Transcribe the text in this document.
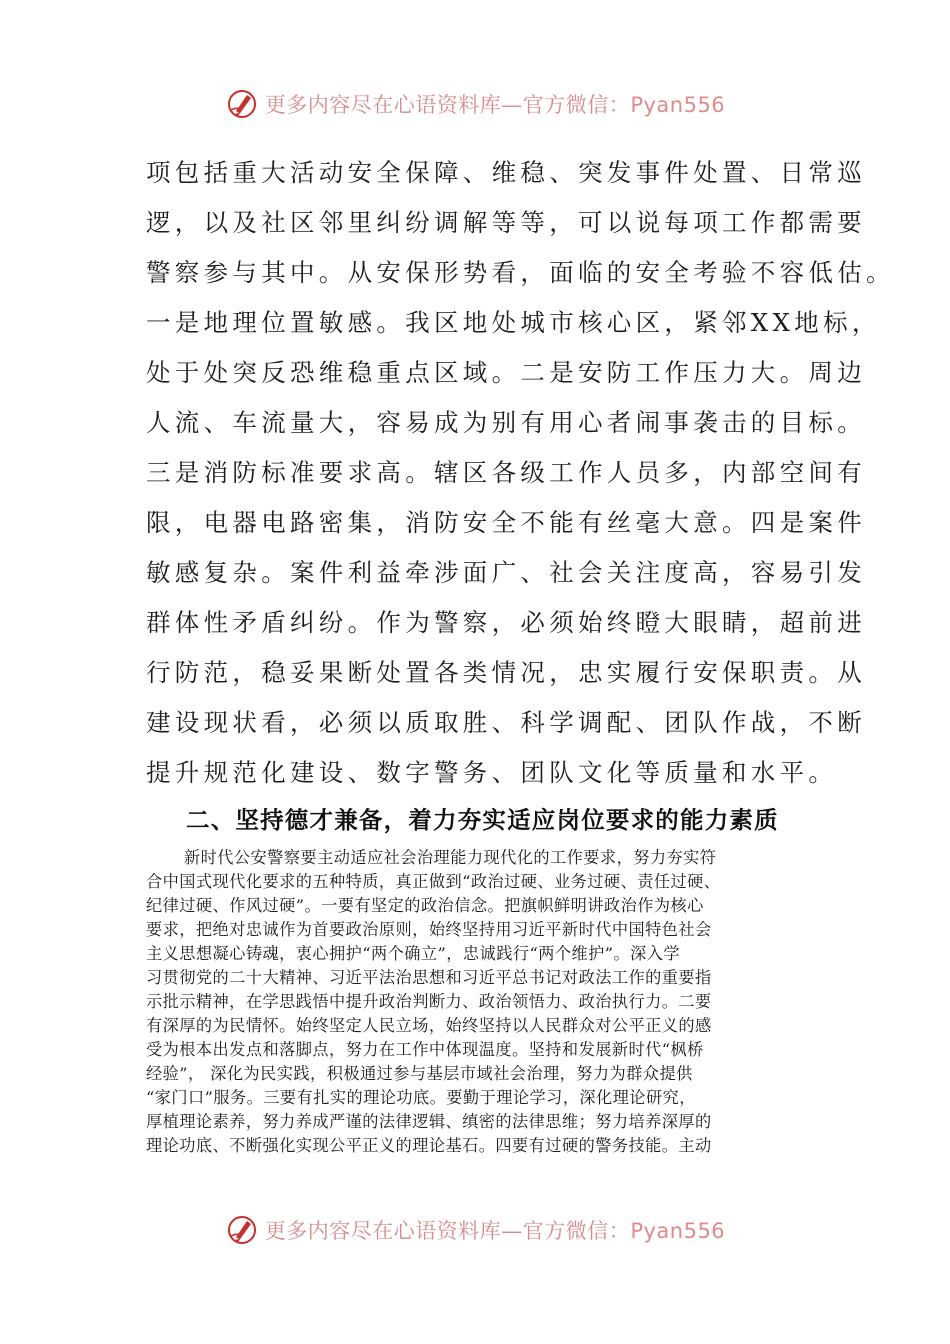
更多内容尽在心语资料库—官方微信：Pyan556
项包括重大活动安全保障、维稳、突发事件处置、日常巡
逻，以及社区邻里纠纷调解等等，可以说每项工作都需要
警察参与其中。从安保形势看，面临的安全考验不容低估。
一是地理位置敏感。我区地处城市核心区，紧邻XX地标，
处于处突反恐维稳重点区域。二是安防工作压力大。周边
人流、车流量大，容易成为别有用心者闹事袭击的目标。
三是消防标准要求高。辖区各级工作人员多，内部空间有
限，电器电路密集，消防安全不能有丝毫大意。四是案件
敏感复杂。案件利益牵涉面广、社会关注度高，容易引发
群体性矛盾纠纷。作为警察，必须始终瞪大眼睛，超前进
行防范，稳妥果断处置各类情况，忠实履行安保职责。从
建设现状看，必须以质取胜、科学调配、团队作战，不断
提升规范化建设、数字警务、团队文化等质量和水平。
二、坚持德才兼备，着力夯实适应岗位要求的能力素质
新时代公安警察要主动适应社会治理能力现代化的工作要求，努力夯实符
合中国式现代化要求的五种特质，真正做到“政治过硬、业务过硬、责任过硬、
纪律过硬、作风过硬”。一要有坚定的政治信念。把旗帜鲜明讲政治作为核心
要求，把绝对忠诚作为首要政治原则，始终坚持用习近平新时代中国特色社会
主义思想凝心铸魂，衷心拥护“两个确立”，忠诚践行“两个维护”。深入学
习贯彻党的二十大精神、习近平法治思想和习近平总书记对政法工作的重要指
示批示精神，在学思践悟中提升政治判断力、政治领悟力、政治执行力。二要
有深厚的为民情怀。始终坚定人民立场，始终坚持以人民群众对公平正义的感
受为根本出发点和落脚点，努力在工作中体现温度。坚持和发展新时代“枫桥
经验”， 深化为民实践，积极通过参与基层市域社会治理，努力为群众提供
“家门口”服务。三要有扎实的理论功底。要勤于理论学习，深化理论研究，
厚植理论素养，努力养成严谨的法律逻辑、缜密的法律思维；努力培养深厚的
理论功底、不断强化实现公平正义的理论基石。四要有过硬的警务技能。主动
更多内容尽在心语资料库—官方微信：Pyan556
